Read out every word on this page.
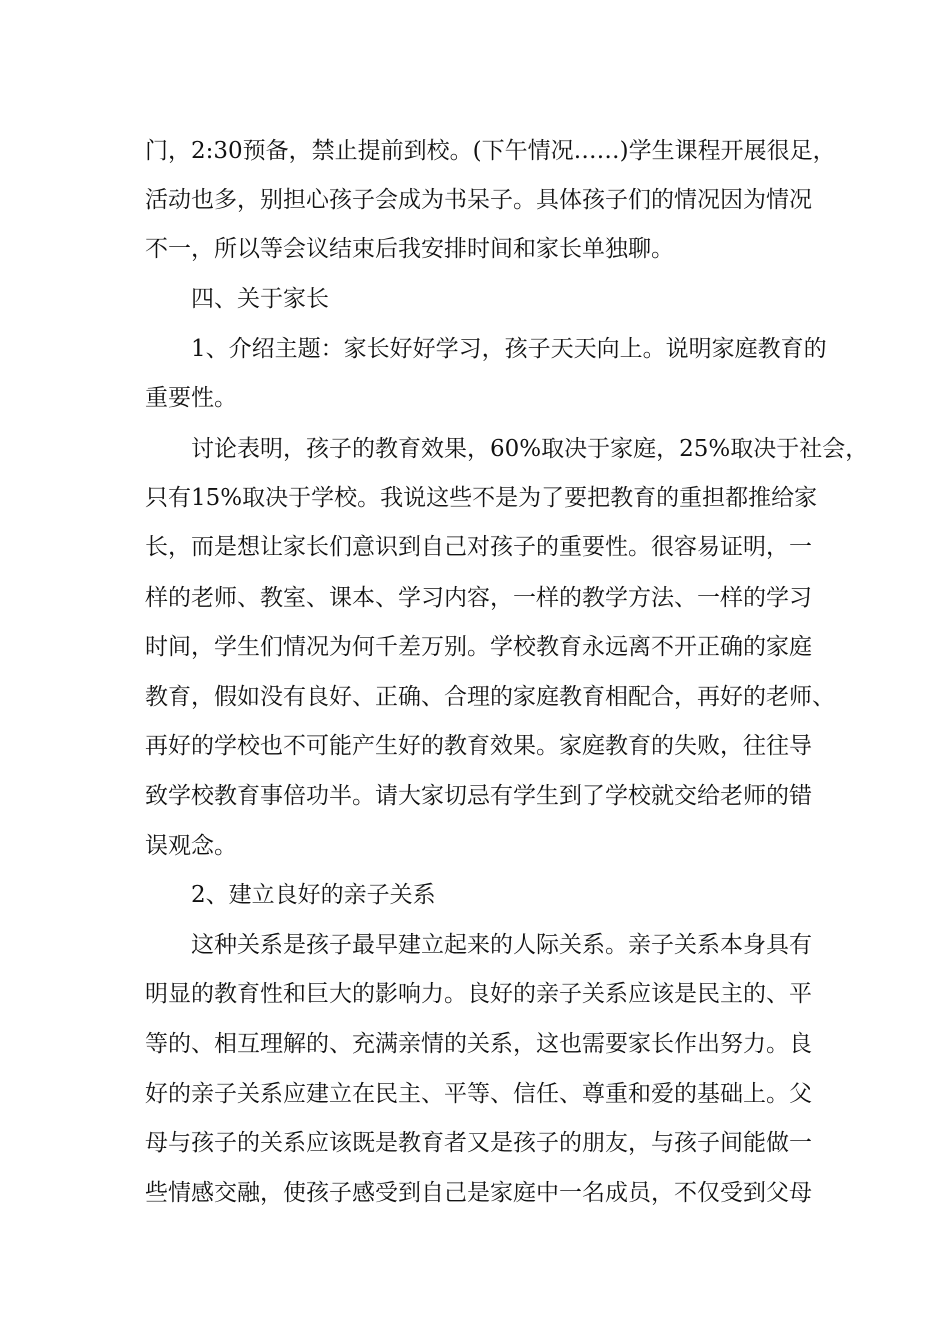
门，2:30预备，禁止提前到校。(下午情况……)学生课程开展很足，

活动也多，别担心孩子会成为书呆子。具体孩子们的情况因为情况

不一，所以等会议结束后我安排时间和家长单独聊。

四、关于家长

1、介绍主题：家长好好学习，孩子天天向上。说明家庭教育的

重要性。

讨论表明，孩子的教育效果，60%取决于家庭，25%取决于社会，

只有15%取决于学校。我说这些不是为了要把教育的重担都推给家

长，而是想让家长们意识到自己对孩子的重要性。很容易证明，一

样的老师、教室、课本、学习内容，一样的教学方法、一样的学习

时间，学生们情况为何千差万别。学校教育永远离不开正确的家庭

教育，假如没有良好、正确、合理的家庭教育相配合，再好的老师、

再好的学校也不可能产生好的教育效果。家庭教育的失败，往往导

致学校教育事倍功半。请大家切忌有学生到了学校就交给老师的错

误观念。

2、建立良好的亲子关系

这种关系是孩子最早建立起来的人际关系。亲子关系本身具有

明显的教育性和巨大的影响力。良好的亲子关系应该是民主的、平

等的、相互理解的、充满亲情的关系，这也需要家长作出努力。良

好的亲子关系应建立在民主、平等、信任、尊重和爱的基础上。父

母与孩子的关系应该既是教育者又是孩子的朋友，与孩子间能做一

些情感交融，使孩子感受到自己是家庭中一名成员，不仅受到父母
